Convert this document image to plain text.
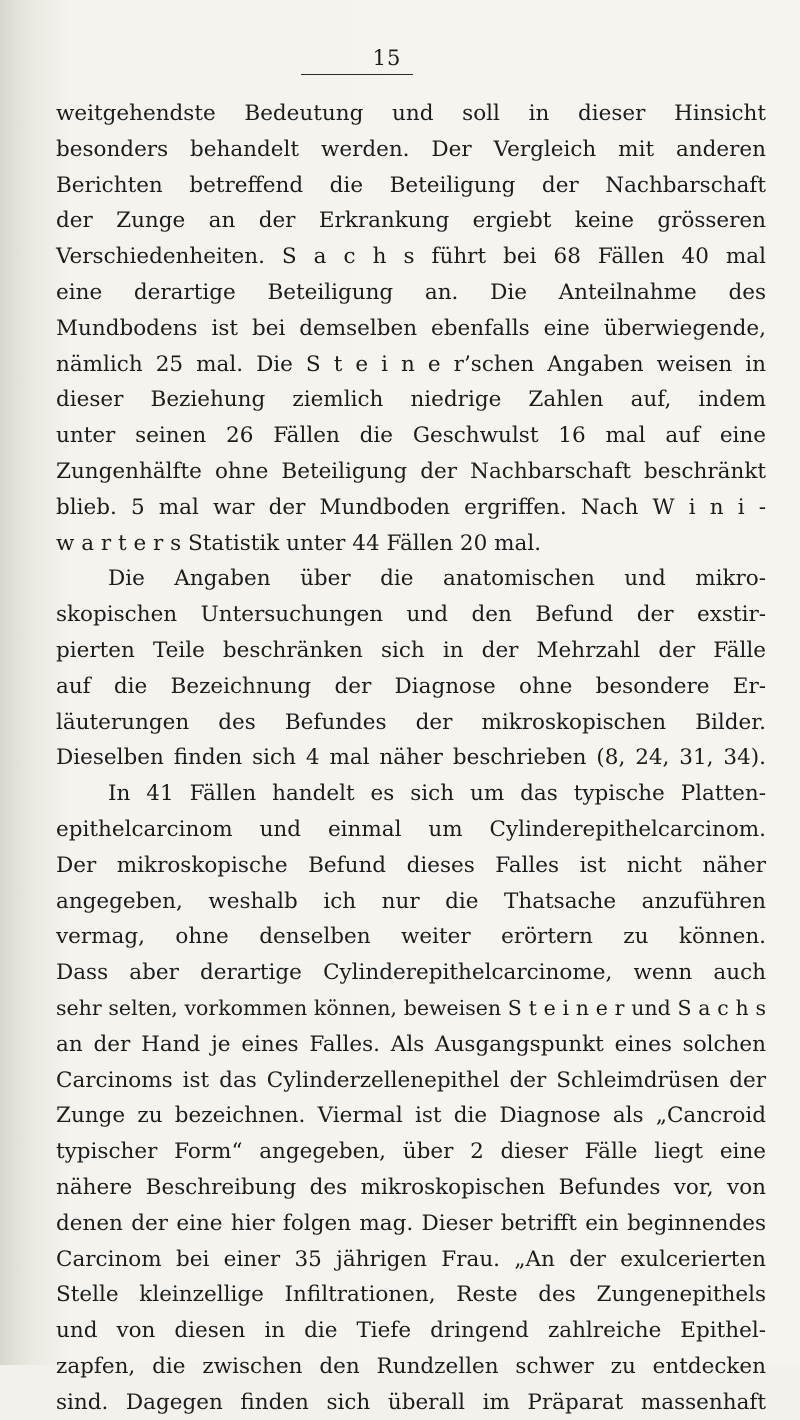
15
weitgehendste Bedeutung und soll in dieser Hinsicht
besonders behandelt werden. Der Vergleich mit anderen
Berichten betreffend die Beteiligung der Nachbarschaft
der Zunge an der Erkrankung ergiebt keine grösseren
Verschiedenheiten. S a c h s führt bei 68 Fällen 40 mal
eine derartige Beteiligung an. Die Anteilnahme des
Mundbodens ist bei demselben ebenfalls eine überwiegende,
nämlich 25 mal. Die S t e i n e r’schen Angaben weisen in
dieser Beziehung ziemlich niedrige Zahlen auf, indem
unter seinen 26 Fällen die Geschwulst 16 mal auf eine
Zungenhälfte ohne Beteiligung der Nachbarschaft beschränkt
blieb. 5 mal war der Mundboden ergriffen. Nach W i n i -
w a r t e r s Statistik unter 44 Fällen 20 mal.
Die Angaben über die anatomischen und mikro-
skopischen Untersuchungen und den Befund der exstir-
pierten Teile beschränken sich in der Mehrzahl der Fälle
auf die Bezeichnung der Diagnose ohne besondere Er-
läuterungen des Befundes der mikroskopischen Bilder.
Dieselben finden sich 4 mal näher beschrieben (8, 24, 31, 34).
In 41 Fällen handelt es sich um das typische Platten-
epithelcarcinom und einmal um Cylinderepithelcarcinom.
Der mikroskopische Befund dieses Falles ist nicht näher
angegeben, weshalb ich nur die Thatsache anzuführen
vermag, ohne denselben weiter erörtern zu können.
Dass aber derartige Cylinderepithelcarcinome, wenn auch
sehr selten, vorkommen können, beweisen S t e i n e r und S a c h s
an der Hand je eines Falles. Als Ausgangspunkt eines solchen
Carcinoms ist das Cylinderzellenepithel der Schleimdrüsen der
Zunge zu bezeichnen. Viermal ist die Diagnose als „Cancroid
typischer Form“ angegeben, über 2 dieser Fälle liegt eine
nähere Beschreibung des mikroskopischen Befundes vor, von
denen der eine hier folgen mag. Dieser betrifft ein beginnendes
Carcinom bei einer 35 jährigen Frau. „An der exulcerierten
Stelle kleinzellige Infiltrationen, Reste des Zungenepithels
und von diesen in die Tiefe dringend zahlreiche Epithel-
zapfen, die zwischen den Rundzellen schwer zu entdecken
sind. Dagegen finden sich überall im Präparat massenhaft
